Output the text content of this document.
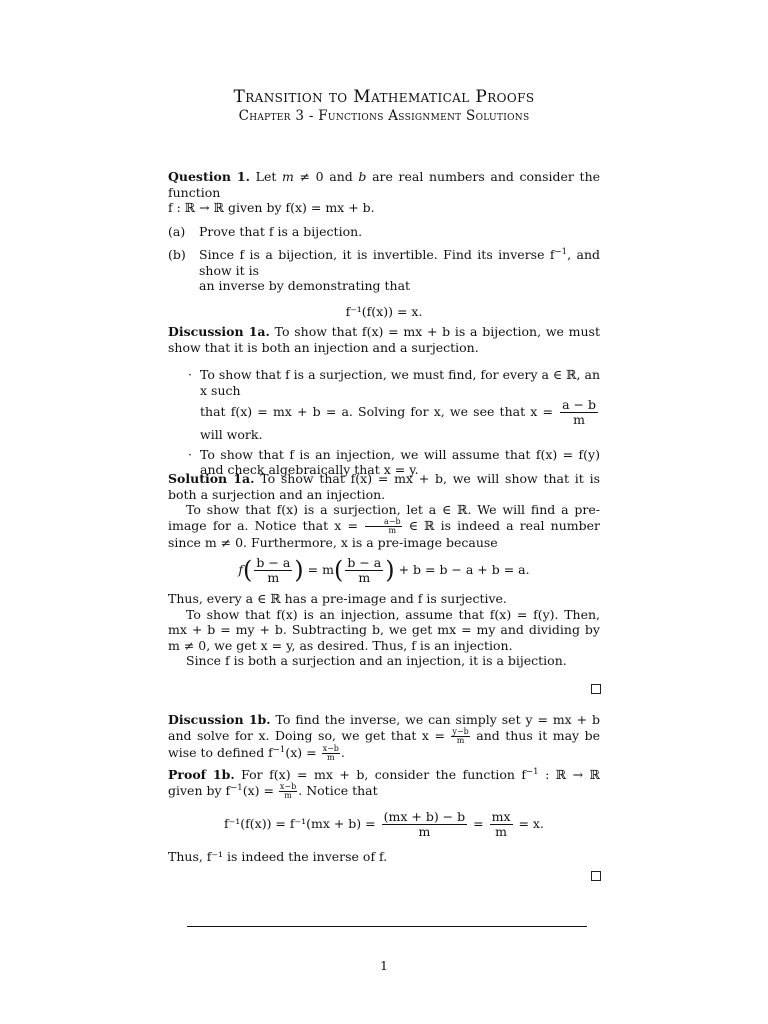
Transition to Mathematical Proofs
Chapter 3 - Functions Assignment Solutions
Question 1. Let m ≠ 0 and b are real numbers and consider the function
f : ℝ → ℝ given by f(x) = mx + b.
(a) Prove that f is a bijection.
(b) Since f is a bijection, it is invertible. Find its inverse $f^{-1}$, and show it is
an inverse by demonstrating that
f⁻¹(f(x)) = x.
Discussion 1a. To show that f(x) = mx + b is a bijection, we must show that it is both an injection and a surjection.
· To show that f is a surjection, we must find, for every a ∈ ℝ, an x such
that f(x) = mx + b = a. Solving for x, we see that $x = \frac{a - b}{m}$
will work.
· To show that f is an injection, we will assume that f(x) = f(y) and check algebraically that x = y.
Solution 1a. To show that f(x) = mx + b, we will show that it is both a surjection and an injection.
To show that f(x) is a surjection, let a ∈ ℝ. We will find a pre-image for a. Notice that $x = \frac{a-b}{m}$ ∈ ℝ is indeed a real number since m ≠ 0. Furthermore, x is a pre-image because
$f( \frac{b - a}{m}$ ) = $m( \frac{b - a}{m}$ ) + b = b − a + b = a.
Thus, every a ∈ ℝ has a pre-image and f is surjective.
To show that f(x) is an injection, assume that f(x) = f(y). Then, mx + b = my + b. Subtracting b, we get mx = my and dividing by m ≠ 0, we get x = y, as desired. Thus, f is an injection.
Since f is both a surjection and an injection, it is a bijection.
Discussion 1b. To find the inverse, we can simply set y = mx + b and solve for x. Doing so, we get that $x = \frac{y-b}{m}$ and thus it may be wise to defined $f^{-1}(x) = \frac{x-b}{m}$ .
Proof 1b. For f(x) = mx + b, consider the function $f^{-1}$ : ℝ → ℝ given by $f^{-1}(x) = \frac{x-b}{m}$ . Notice that
$f^{-1}(f(x)) = f^{-1}(mx + b) = \frac{(mx + b) - b}{m} = \frac{mx}{m} = x$.
Thus, f⁻¹ is indeed the inverse of f.
1
